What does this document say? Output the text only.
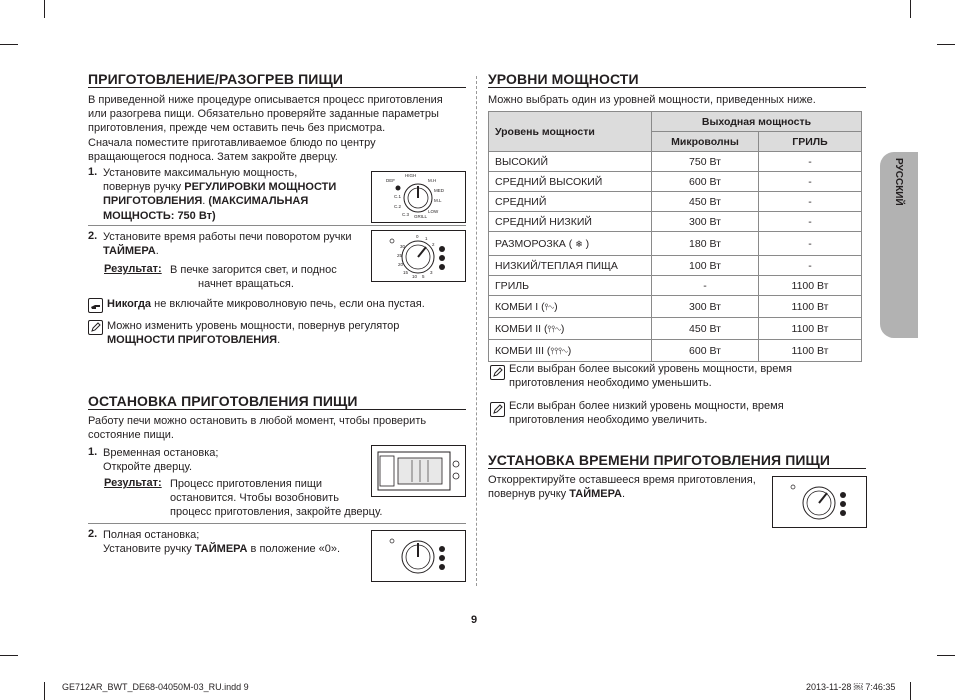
ПРИГОТОВЛЕНИЕ/РАЗОГРЕВ ПИЩИ
В приведенной ниже процедуре описывается процесс приготовления
или разогрева пищи. Обязательно проверяйте заданные параметры
приготовления, прежде чем оставить печь без присмотра.
Сначала поместите приготавливаемое блюдо по центру
вращающегося подноса. Затем закройте дверцу.
1. Установите максимальную мощность,
повернув ручку РЕГУЛИРОВКИ МОЩНОСТИ
ПРИГОТОВЛЕНИЯ. (МАКСИМАЛЬНАЯ
МОЩНОСТЬ: 750 Вт)
HIGH
M.H
MED
M.L
LOW
DEF
C.1
C.2
C.3 GRILL
2. Установите время работы печи поворотом ручки
ТАЙМЕРА.
Результат: В печке загорится свет, и поднос
начнет вращаться.
0 1
2
30
25
20
15
10 5
3
Никогда не включайте микроволновую печь, если она пустая.
Можно изменить уровень мощности, повернув регулятор
МОЩНОСТИ ПРИГОТОВЛЕНИЯ.
ОСТАНОВКА ПРИГОТОВЛЕНИЯ ПИЩИ
Работу печи можно остановить в любой момент, чтобы проверить
состояние пищи.
1. Временная остановка;
Откройте дверцу.
Результат: Процесс приготовления пищи
остановится. Чтобы возобновить
процесс приготовления, закройте дверцу.
2. Полная остановка;
Установите ручку ТАЙМЕРА в положение «0».
УРОВНИ МОЩНОСТИ
Можно выбрать один из уровней мощности, приведенных ниже.
Уровень мощности	Выходная мощность	
	Микроволны	ГРИЛЬ
ВЫСОКИЙ	750 Вт	-
СРЕДНИЙ ВЫСОКИЙ	600 Вт	-
СРЕДНИЙ	450 Вт	-
СРЕДНИЙ НИЗКИЙ	300 Вт	-
РАЗМОРОЗКА ( ❄ )	180 Вт	-
НИЗКИЙ/ТЕПЛАЯ ПИЩА	100 Вт	-
ГРИЛЬ	-	1100 Вт
КОМБИ I (⫯∿)	300 Вт	1100 Вт
КОМБИ II (⫯⫯∿)	450 Вт	1100 Вт
КОМБИ III (⫯⫯⫯∿)	600 Вт	1100 Вт
Если выбран более высокий уровень мощности, время
приготовления необходимо уменьшить.
Если выбран более низкий уровень мощности, время
приготовления необходимо увеличить.
УСТАНОВКА ВРЕМЕНИ ПРИГОТОВЛЕНИЯ ПИЩИ
Откорректируйте оставшееся время приготовления,
повернув ручку ТАЙМЕРА.
РУССКИЙ
9
GE712AR_BWT_DE68-04050M-03_RU.indd 9	2013-11-28 ￼ 7:46:35
